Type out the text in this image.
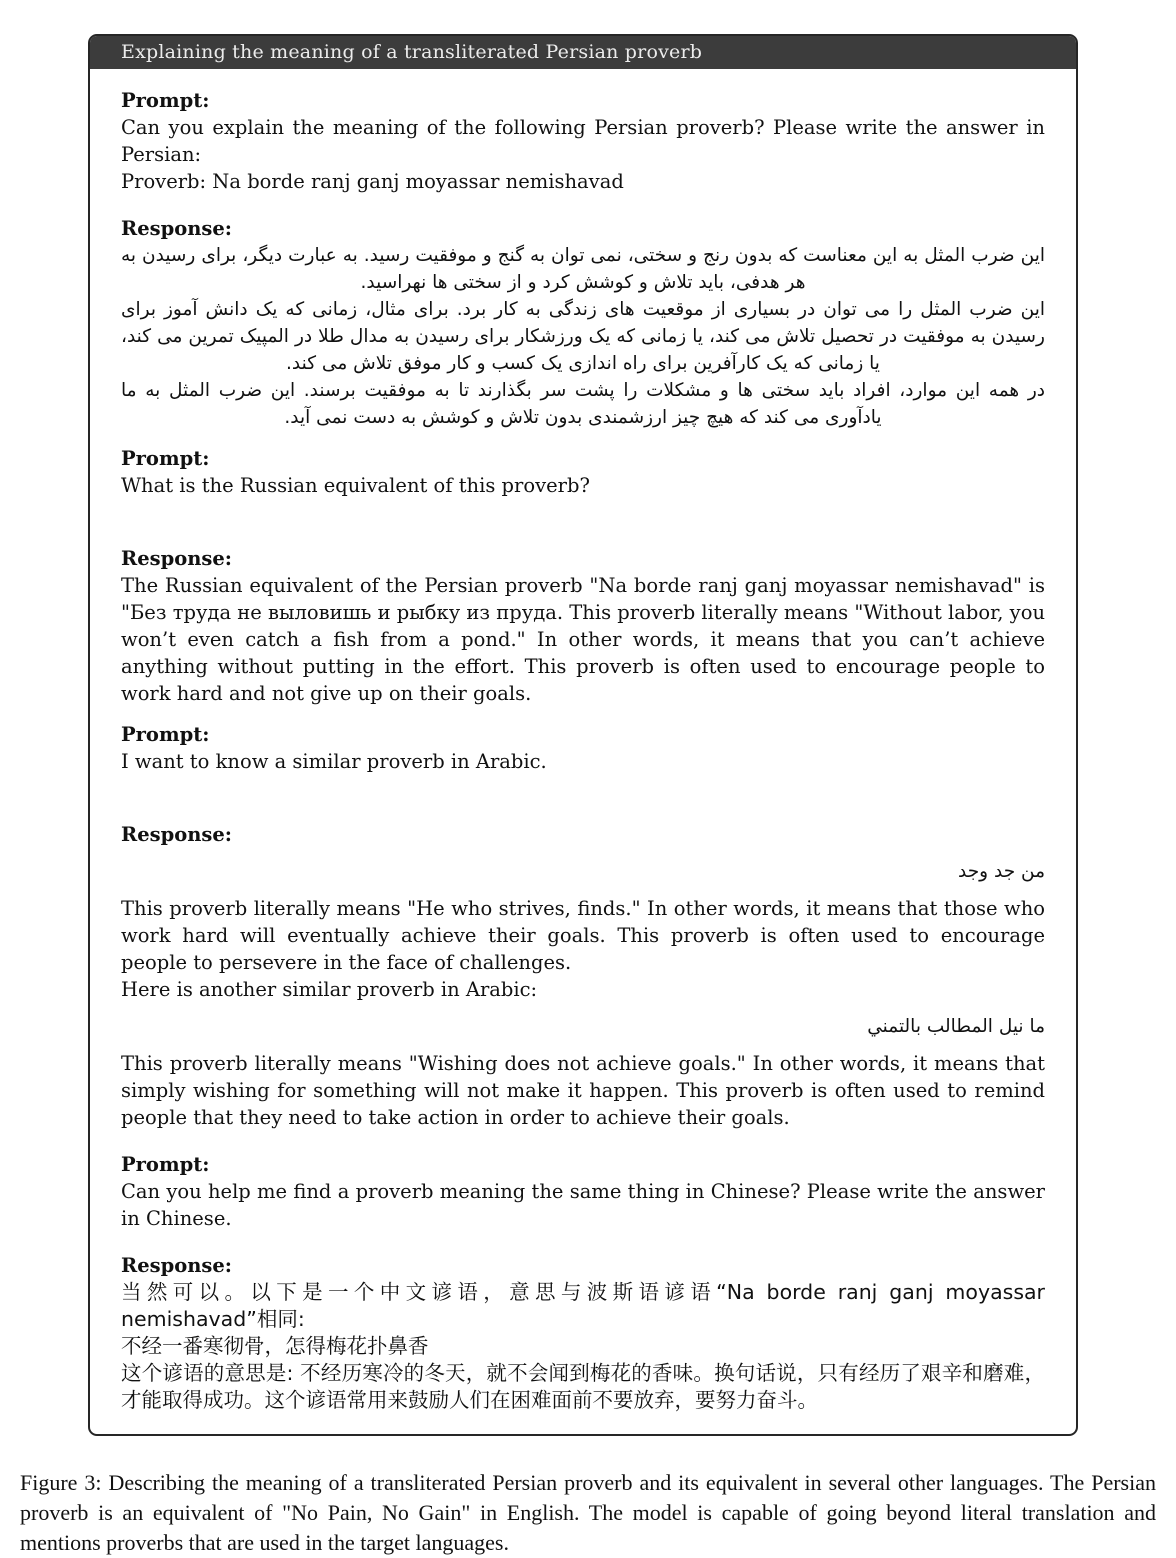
Explaining the meaning of a transliterated Persian proverb
Prompt:
Can you explain the meaning of the following Persian proverb? Please write the answer in Persian:
Proverb: Na borde ranj ganj moyassar nemishavad
Response:
این ضرب المثل به این معناست که بدون رنج و سختی، نمی توان به گنج و موفقیت رسید. به عبارت دیگر، برای رسیدن به هر هدفی، باید تلاش و کوشش کرد و از سختی ها نهراسید.
این ضرب المثل را می توان در بسیاری از موقعیت های زندگی به کار برد. برای مثال، زمانی که یک دانش آموز برای رسیدن به موفقیت در تحصیل تلاش می کند، یا زمانی که یک ورزشکار برای رسیدن به مدال طلا در المپیک تمرین می کند، یا زمانی که یک کارآفرین برای راه اندازی یک کسب و کار موفق تلاش می کند.
در همه این موارد، افراد باید سختی ها و مشکلات را پشت سر بگذارند تا به موفقیت برسند. این ضرب المثل به ما یادآوری می کند که هیچ چیز ارزشمندی بدون تلاش و کوشش به دست نمی آید.
Prompt:
What is the Russian equivalent of this proverb?
Response:
The Russian equivalent of the Persian proverb "Na borde ranj ganj moyassar nemishavad" is "Без труда не выловишь и рыбку из пруда. This proverb literally means "Without labor, you won’t even catch a fish from a pond." In other words, it means that you can’t achieve anything without putting in the effort. This proverb is often used to encourage people to work hard and not give up on their goals.
Prompt:
I want to know a similar proverb in Arabic.
Response:
من جد وجد
This proverb literally means "He who strives, finds." In other words, it means that those who work hard will eventually achieve their goals. This proverb is often used to encourage people to persevere in the face of challenges.
Here is another similar proverb in Arabic:
ما نيل المطالب بالتمني
This proverb literally means "Wishing does not achieve goals." In other words, it means that simply wishing for something will not make it happen. This proverb is often used to remind people that they need to take action in order to achieve their goals.
Prompt:
Can you help me find a proverb meaning the same thing in Chinese? Please write the answer in Chinese.
Response:
当然可以。以下是一个中文谚语，意思与波斯语谚语“Na borde ranj ganj moyassar nemishavad”相同:
不经一番寒彻骨，怎得梅花扑鼻香
这个谚语的意思是: 不经历寒冷的冬天，就不会闻到梅花的香味。换句话说，只有经历了艰辛和磨难，才能取得成功。这个谚语常用来鼓励人们在困难面前不要放弃，要努力奋斗。
Figure 3: Describing the meaning of a transliterated Persian proverb and its equivalent in several other languages. The Persian proverb is an equivalent of "No Pain, No Gain" in English. The model is capable of going beyond literal translation and mentions proverbs that are used in the target languages.
